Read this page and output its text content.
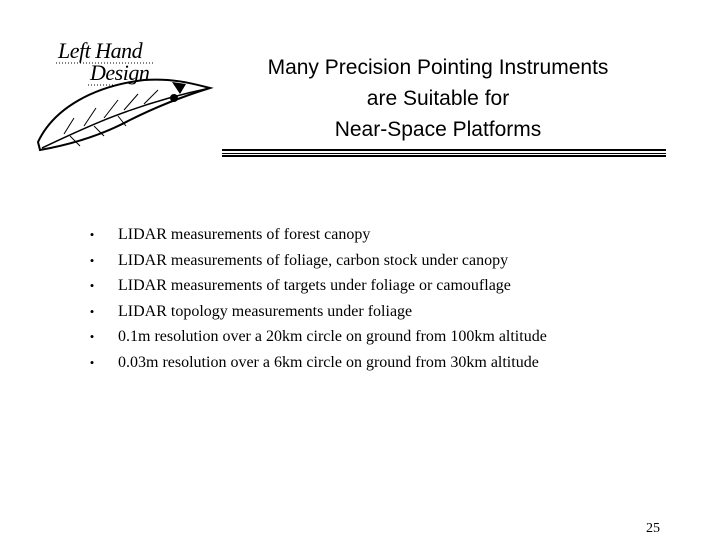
Left Hand
Design	Many Precision Pointing Instruments
are Suitable for
Near-Space Platforms
• LIDAR measurements of forest canopy
• LIDAR measurements of foliage, carbon stock under canopy
• LIDAR measurements of targets under foliage or camouflage
• LIDAR topology measurements under foliage
• 0.1m resolution over a 20km circle on ground from 100km altitude
• 0.03m resolution over a 6km circle on ground from 30km altitude
25
